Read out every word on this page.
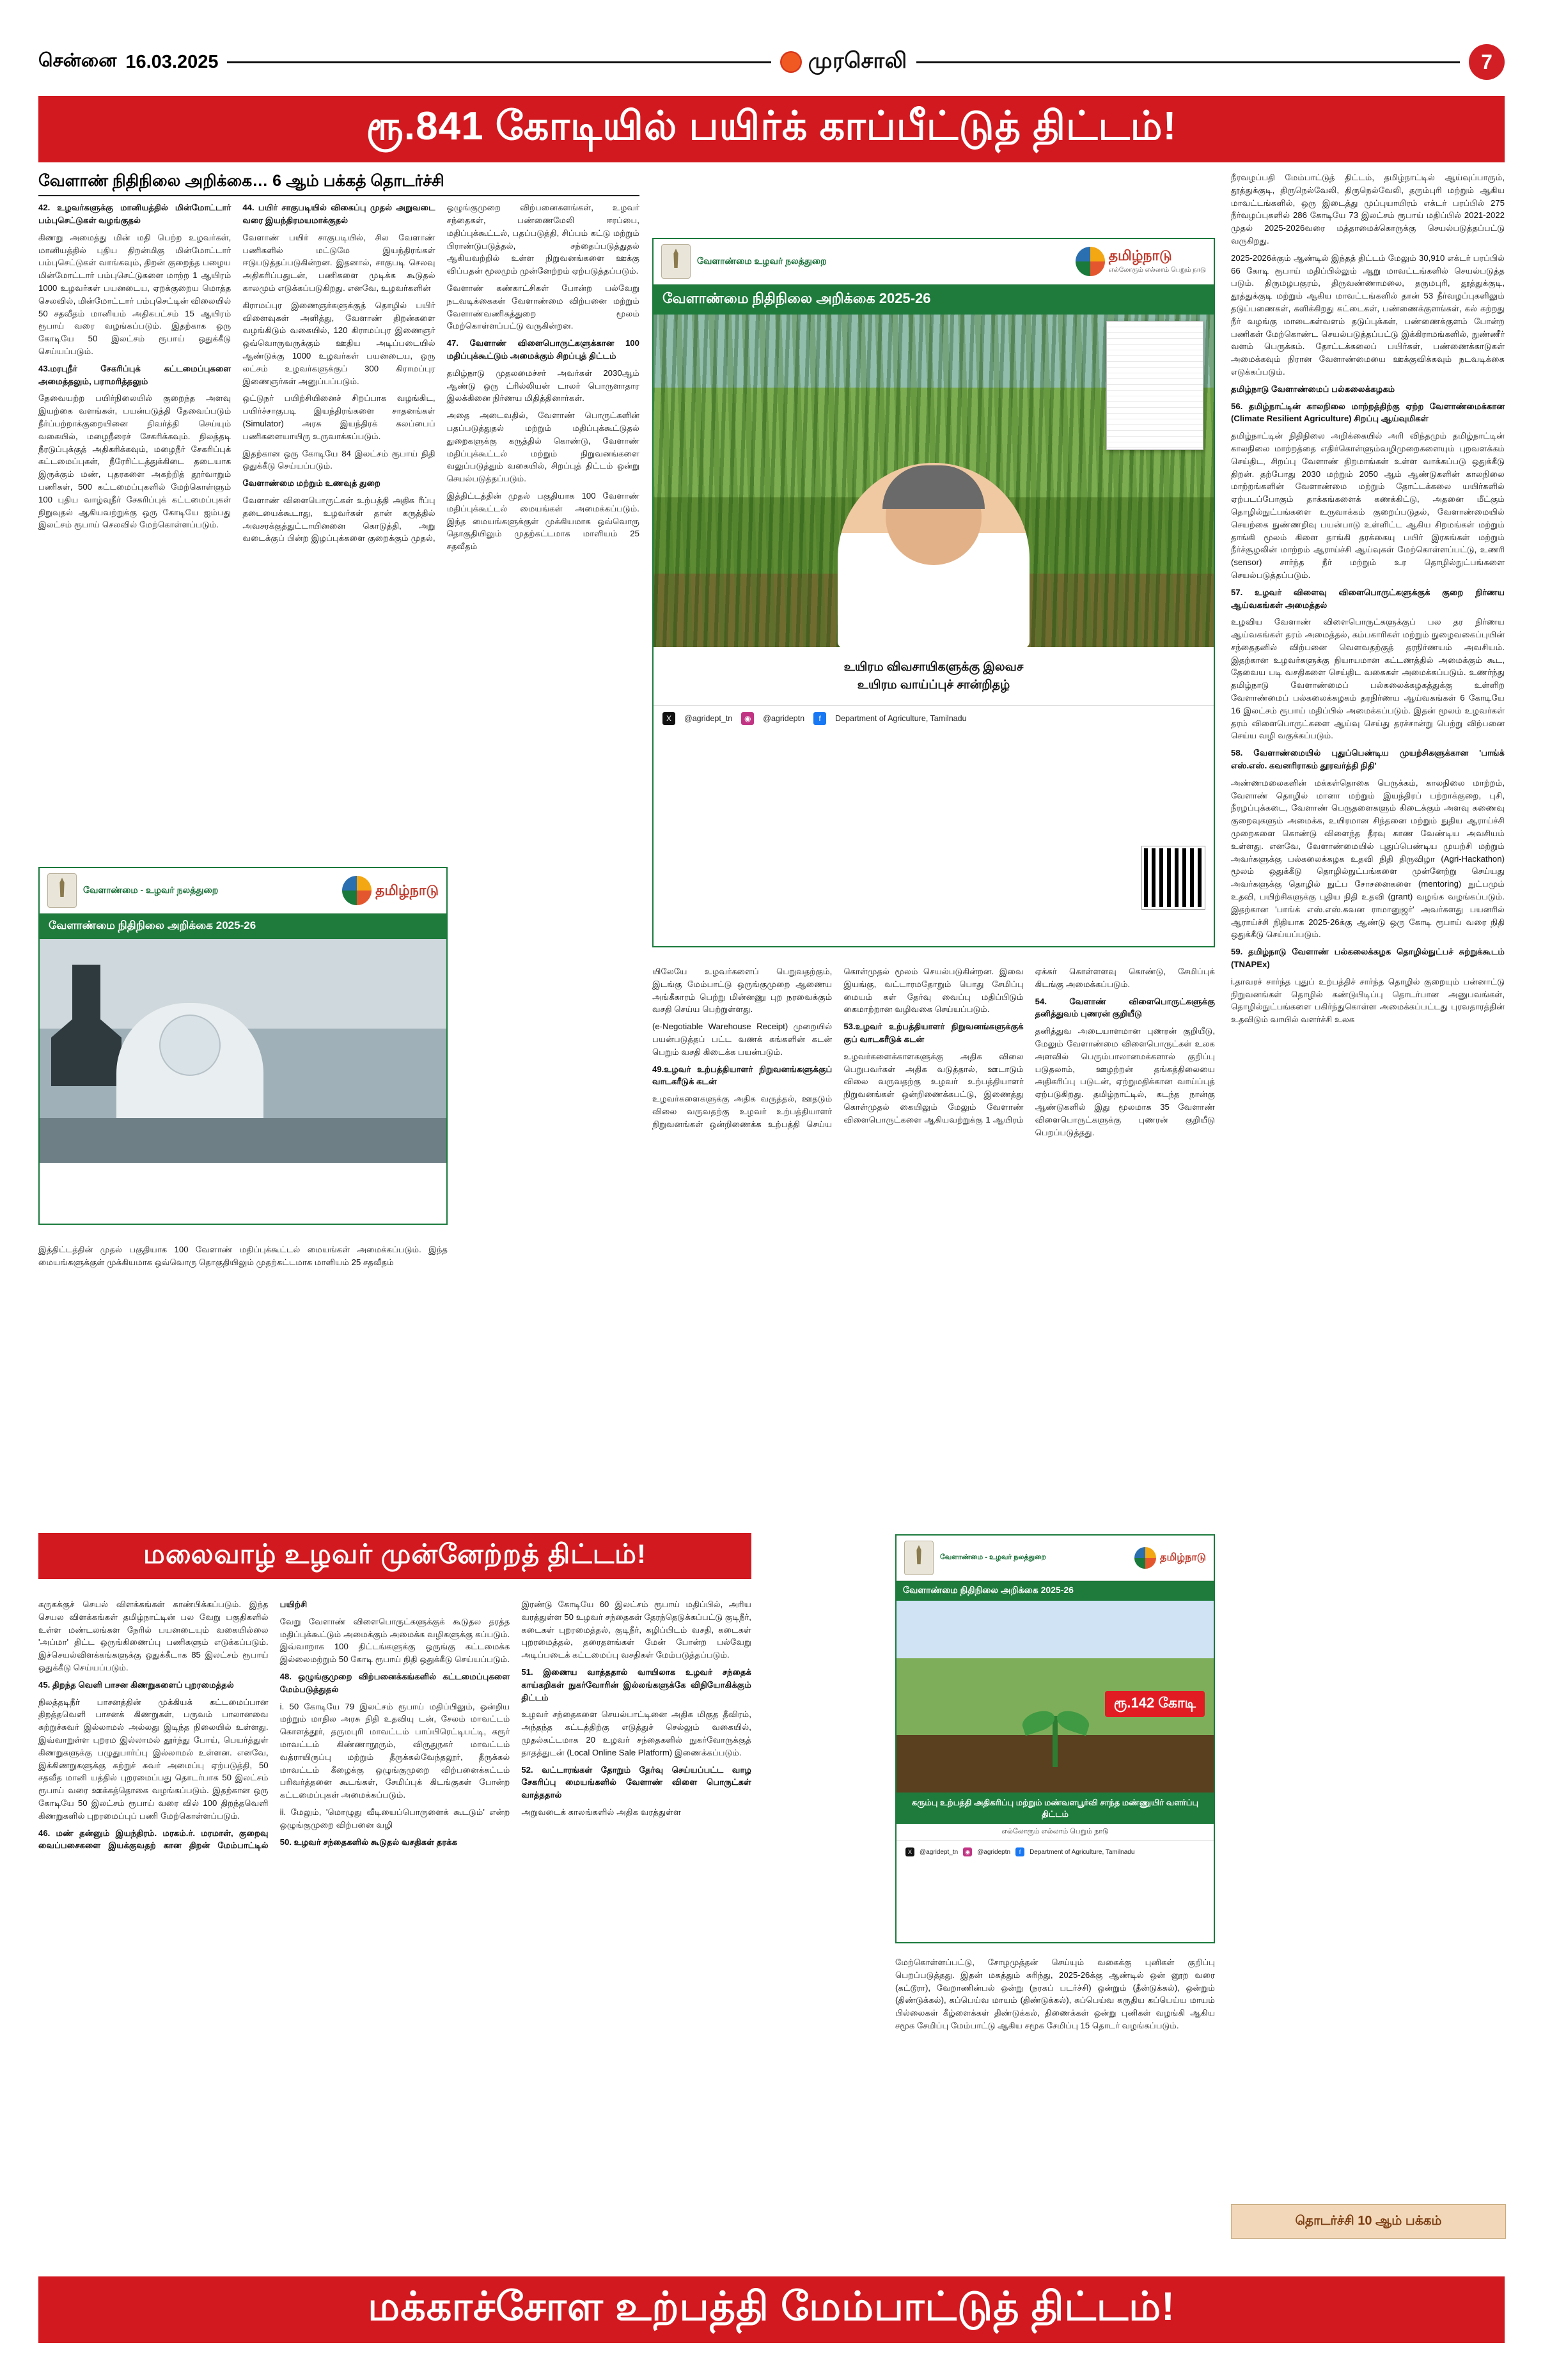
சென்னை 16.03.2025	முரசொலி	7
ரூ.841 கோடியில் பயிர்க் காப்பீட்டுத் திட்டம்!
வேளாண் நிதிநிலை அறிக்கை… 6 ஆம் பக்கத் தொடர்ச்சி

42. உழவர்களுக்கு மானியத்தில் மின்மோட்டார் பம்புசெட்டுகள் வழங்குதல்

கிணறு அமைத்து மின் மதி பெற்ற உழவர்கள், மானியத்தில் புதிய திறன்மிகு மின்மோட்டார் பம்புசெட்டுகள் வாங்கவும், திறன் குறைந்த பழைய மின்மோட்டார் பம்புசெட்டுகளை மாற்ற 1 ஆயிரம் 1000 உழவர்கள் பயனடைய, ஏறக்குறைய மொத்த செலவில், மின்மோட்டார் பம்புசெட்டின் விலையில் 50 சதவீதம் மானியம் அதிகபட்சம் 15 ஆயிரம் ரூபாய் வரை வழங்கப்படும். இதற்காக ஒரு கோடியே 50 இலட்சம் ரூபாய் ஒதுக்கீடு செய்யப்படும்.

43.மரபுநீர் சேகரிப்புக் கட்டமைப்புகளை அமைத்தலும், பராமரித்தலும்

தேவையற்ற பயிர்நிலையில் குறைந்த அளவு இயற்கை வளங்கள், பயன்படுத்தி தேவைப்படும் நீர்ப்பற்றாக்குறையினை நிவர்த்தி செய்யும் வகையில், மழைநீரைச் சேகரிக்கவும். நிலத்தடி நீரடுப்புக்குத் அதிகரிக்கவும், மழைநீர் சேகரிப்புக் கட்டமைப்புகள், நீரேரிட்டத்துக்கிடை தடையாக இருக்கும் மண், புதரகளை அகற்றித் தூர்வாறும் பணிகள், 500 கட்டமைப்புகளில் மேற்கொள்ளும் 100 புதிய வாழ்வுநீர் சேகரிப்புக் கட்டமைப்புகள் நிறுவுதல் ஆகியவற்றுக்கு ஒரு கோடியே ஐம்பது இலட்சம் ரூபாய் செலவில் மேற்கொள்ளப்படும்.

44. பயிர் சாகுபடியில் விகைப்பு முதல் அறுவடை வரை இயந்திரமயமாக்குதல்

வேளாண் பயிர் சாகுபடியில், சில வேளாண் பணிகளில் மட்டுமே இயந்திரங்கள் ஈடுபடுத்தப்படுகின்றன. இதனால், சாகுபடி செலவு அதிகரிப்பதுடன், பணிகளை முடிக்க கூடுதல் காலமும் எடுக்கப்படுகிறது. எனவே, உழவர்களின்

கிராமப்புர இணைஞர்களுக்குத் தொழில் பயிர் விளைவுகள் அளித்து, வேளாண் திறன்களை வழங்கிடும் வகையில், 120 கிராமப்புர இணைஞர் ஒவ்வொருவருக்கும் ஊதிய அடிப்படையில் ஆண்டுக்கு 1000 உழவர்கள் பயனடைய, ஒரு லட்சம் உழவர்களுக்குப் 300 கிராமப்புர இணைஞர்கள் அனுப்பப்படும்.

ஒட்டுநர் பயிற்சியினைச் சிறப்பாக வழங்கிட, பயிர்ச்சாகுபடி இயந்திரங்களை சாதனங்கள் (Simulator) அரசு இயந்திரக் கலப்பைப் பணிகளையாயிரு உருவாக்கப்படும்.

இதற்கான ஒரு கோடியே 84 இலட்சம் ரூபாய் நிதி ஒதுக்கீடு செய்யப்படும்.

வேளாண்மை மற்றும் உணவுத் துறை

வேளாண் விளைபொருட்கள் உற்பத்தி அதிக ரீப்பு தடையைக்கூடாது, உழவர்கள் தான் கருத்தில் அவசரக்குத்துட்டாயினனை கொடுத்தி, அறு வடைக்குப் பின்ற இழப்புக்களை குறைக்கும் முதல், ஒழுங்குமுறை விற்பனைகளங்கள், உழவர் சந்தைகள், பண்ணைமேலி ஈரப்பை, மதிப்புக்கூட்டல், பதப்படுத்தி, சிப்பம் கட்டு மற்றும் பிராண்டுபடுத்தல், சந்தைப்படுத்துதல் ஆகியவற்றில் உள்ள நிறுவனங்களை ஊக்கு விப்பதன் மூலமும் முன்னேற்றம் ஏற்படுத்தப்படும்.

வேளாண் கண்காட்சிகள் போன்ற பல்வேறு நடவடிக்கைகள் வேளாண்மை விற்பனை மற்றும் வேளாண்வணிகத்துறை மூலம் மேற்கொள்ளப்பட்டு வருகின்றன.

47. வேளாண் விளைபொருட்களுக்கான 100 மதிப்புக்கூட்டும் அமைக்கும் சிறப்புத் திட்டம்

தமிழ்நாடு முதலமைச்சர் அவர்கள் 2030ஆம் ஆண்டு ஒரு ட்ரில்லியன் டாலர் பொருளாதார இலக்கினை நிர்ணய மிதித்தினார்கள்.

அதை அடைவதில், வேளாண் பொருட்களின் பதப்படுத்துதல் மற்றும் மதிப்புக்கூட்டுதல் துறைகளுக்கு கருத்தில் கொண்டு, வேளாண் மதிப்புக்கூட்டல் மற்றும் நிறுவனங்களை வலுப்படுத்தும் வகையில், சிறப்புத் திட்டம் ஒன்று செயல்படுத்தப்படும்.

இத்திட்டத்தின் முதல் பகுதியாக 100 வேளாண் மதிப்புக்கூட்டல் மையங்கள் அமைக்கப்படும். இந்த மையங்களுக்குள் முக்கியமாக ஒவ்வொரு தொகுதியிலும் முதற்கட்டமாக மாளியம் 25 சதவீதம்

வேளாண்மை உழவர் நலத்துறை	தமிழ்நாடு
எல்லோரும் எல்லாம் பெறும் நாடு
வேளாண்மை நிதிநிலை அறிக்கை 2025-26
உயிரம விவசாயிகளுக்கு இலவச
உயிரம வாய்ப்புச் சான்றிதழ்
X	@agridept_tn	◉	@agrideptn	f	Department of Agriculture, Tamilnadu

நீரவழப்பதி மேம்பாட்டுத் திட்டம், தமிழ்நாட்டில் ஆய்வுப்பாரும், தூத்துக்குடி, திருநெல்வேலி, திருநெல்வேலி, தரும்புரி மற்றும் ஆகிய மாவட்டங்களில், ஒரு இடைத்து முப்புயாயிரம் எக்டர் பரப்பில் 275 நீர்வழப்புகளில் 286 கோடியே 73 இலட்சம் ரூபாய் மதிப்பில் 2021-2022 முதல் 2025-2026வரை மத்தாமைக்கொருக்கு செயல்படுத்தப்பட்டு வருகிறது.

2025-2026க்கும் ஆண்டில் இந்தத் திட்டம் மேலும் 30,910 எக்டர் பரப்பில் 66 கோடி ரூபாய் மதிப்பில்லும் ஆறு மாவட்டங்களில் செயல்படுத்த படும். திருமழபகுரம், திருவண்ணாமலை, தருமபுரி, தூத்துக்குடி, தூத்துக்குடி மற்றும் ஆகிய மாவட்டங்களில் தான் 53 நீர்வழப்புகளிலும் தடுப்பணைகள், களிக்கிறது கட்டைகள், பண்ணைக்குளங்கள், கல் கற்றது நீர் வழங்கு மாடைகள்வளம் தடுப்புக்கள், பண்ணைக்குளம் போன்ற பணிகள் மேற்கொண்ட செயல்படுத்தப்பட்டு இக்கிராமங்களில், நுண்ணீர் வளம் பெருக்கம். தோட்டக்கலைப் பயிர்கள், பண்ணைக்காடுகள் அமைக்கவும் நிரான வேளாண்மையை ஊக்குவிக்கவும் நடவடிக்கை எடுக்கப்படும்.

தமிழ்நாடு வேளாண்மைப் பல்கலைக்கழகம்

56. தமிழ்நாட்டின் காலநிலை மாற்றத்திற்கு ஏற்ற வேளாண்மைக்கான (Climate Resilient Agriculture) சிறப்பு ஆய்வுமிகள்

தமிழ்நாட்டின் நிதிநிலை அறிக்கையில் அரி விந்தமும் தமிழ்நாட்டின் காலநிலை மாற்றத்தை எதிர்கொள்ளும்வழிமுறைகளையும் புறவளக்கம் செய்திட, சிறப்பு வேளாண் திறமாங்கள் உள்ள வாக்கப்படு ஒதுக்கீடு திறன். தற்போது 2030 மற்றும் 2050 ஆம் ஆண்டுகளின் காலநிலை மாற்றங்களின் வேளாண்மை மற்றும் தோட்டக்கலை யயிர்களில் ஏற்படப்போகும் தாக்கங்களைக் கணக்கிட்டு, அதனை மீட்கும் தொழில்நுட்பங்களை உருவாக்கம் குறைப்படுதல், வேளாண்மையில் செயற்கை நுண்ணறிவு பயன்பாடு உள்ளிட்ட ஆகிய சிறமங்கள் மற்றும் தாங்கி மூலம் கிளை தாங்கி தரக்கையு பயிர் இரகங்கள் மற்றும் நீர்ச்சூழலின் மாற்றம் ஆராய்ச்சி ஆய்வுகள் மேற்கொள்ளப்பட்டு, உணரி (sensor) சார்ந்த நீர் மற்றும் உர தொழில்நுட்பங்களை செயல்படுத்தப்படும்.

57. உழவர் விளைவு விளைபொருட்களுக்குக் குறை நிர்ணய ஆய்வகங்கள் அமைத்தல்

உழவிய வேளாண் விளைபொருட்களுக்குப் பல தர நிர்ணய ஆய்வகங்கள் தரம் அமைத்தல், கம்பகாரிகள் மற்றும் நுழைவகைப்புயின் சந்தைதனில் விற்பனை வெளவதற்குத் தரநிர்ணயம் அவசியம். இதற்கான உழவர்களுக்கு நியாயமான கட்டணத்தில் அமைக்கும் கூட, தேவைய படி வசதிகளை செய்திட வகைகள் அமைக்கப்படும். உணர்ந்து தமிழ்நாடு வேளாண்மைப் பல்கலைக்கழகத்துக்கு உள்ளிற வேளாண்மைப் பல்கலைக்கழகம் தரநிர்ணய ஆய்வகங்கள் 6 கோடியே 16 இலட்சம் ரூபாய் மதிப்பில் அமைக்கப்படும். இதன் மூலம் உழவர்கள் தரம் விளைபொருட்களை ஆய்வு செய்து தரச்சான்று பெற்று விற்பனை செய்ய வழி வகுக்கப்படும்.

58. வேளாண்மையில் புதுப்பெண்டிய முயற்சிகளுக்கான 'பாங்க் எஸ்.எஸ். கவனரிராகம் தூரவர்த்தி நிதி'

அண்ணமலைகளின் மக்கள்தொகை பெருக்கம், காலநிலை மாற்றம், வேளாண் தொழில் மானா மற்றும் இயந்திரப் பற்றாக்குறை, புசி, நீரழப்புக்கடை, வேளாண் பெருதளைகளும் கிடைக்கும் அளவு கணைவு குறைவுகளும் அமைக்க, உயிரமான சிந்தனை மற்றும் நுதிய ஆராய்ச்சி முறைகளை கொண்டு விளைந்த தீரவு காண வேண்டிய அவசியம் உள்ளது. எனவே, வேளாண்மையில் புதுப்பெண்டிய முயற்சி மற்றும் அவர்களுக்கு பல்கலைக்கழக உதவி நிதி திருவிழா (Agri-Hackathon) மூலம் ஒதுக்கீடு தொழில்நுட்பங்களை முன்னேற்று செய்யது அவர்களுக்கு தொழில் நுட்ப சோசனைகளை (mentoring) நுட்பமும் உதவி, பயிற்சிகளுக்கு புதிய நிதி உதவி (grant) வழங்க வழங்கப்படும். இதற்கான 'பாங்க் எஸ்.எஸ்.கவன ராமானுஜர்' அவர்களது பயனரில் ஆராய்ச்சி நிதியாக 2025-26க்கு ஆண்டு ஒரு கோடி ரூபாய் வரை நிதி ஒதுக்கீடு செய்யப்படும்.

59. தமிழ்நாடு வேளாண் பல்கலைக்கழக தொழில்நுட்பச் சுற்றுக்கூடம் (TNAPEx)

i.தாவரச் சார்ந்த புதுப் உற்பத்திச் சார்ந்த தொழில் குறையும் பன்னாட்டு நிறுவனங்கள் தொழில் கண்டுபிடிப்பு தொடர்பான அனுபவங்கள், தொழில்நுட்பங்களை பகிர்ந்துகொள்ள அமைக்கப்பட்டது புரவதாரத்தின் உதவிடும் வாயில் வளர்ச்சி உலக

யிலேயே உழவர்களைப் பெறுவதற்கும், இடங்கு மேம்பாட்டு ஒருங்குமுறை ஆணைய அங்கீகாரம் பெற்று மின்னணு புற நரவைக்கும் வசதி செய்ய பெற்றுள்ளது.

(e-Negotiable Warehouse Receipt) முறையில் பயன்படுத்தப் பட்ட வணக் கங்களின் கடன் பெறும் வசதி கிடைக்க பயன்படும்.

49.உழவர் உற்பத்தியாளர் நிறுவனங்களுக்குப் வாடகரீடுக் கடன்

உழவர்களைகளுக்கு அதிக வருத்தல், ஊதடும் விலை வருவதற்கு உழவர் உற்பத்தியாளர் நிறுவனங்கள் ஒன்றிணைக்க உற்பத்தி செய்ய கொள்முதல் மூலம் செயல்படுகின்றன. இவை இயங்கு, வட்டாரமதோறும் பொது சேமிப்பு மையம் கள் தேர்வு வைப்பு மதிப்பிடும் கைமாற்றான வழிவகை செய்யப்படும்.

53.உழவர் உற்பத்தியாளர் நிறுவனங்களுக்குக் குப் வாடகரீடுக் கடன்

உழவர்களைக்காளகளுக்கு அதிக விலை பெறுபவர்கள் அதிக வடுத்தால், ஊடாடும் விலை வருவதற்கு உழவர் உற்பத்தியாளர் நிறுவனங்கள் ஒன்றிணைக்கபட்டு, இணைத்து கொள்முதல் கையிலும் மேலும் வேளாண் விளைபொருட்களை ஆகியவற்றுக்கு 1 ஆயிரம் ஏக்கர் கொள்ளளவு கொண்டு, சேமிப்புக் கிடங்கு அமைக்கப்படும்.

54. வேளாண் விளைபொருட்களுக்கு தனித்துவம் புணரன் குறியீடு

தனித்துவ அடையாளமான புணரன் குறியீடு, மேலும் வேளாண்மை விளைபொருட்கள் உலக அளவில் பெரும்பாலானமக்களால் குறிப்பு படுதலாம், ஊழற்றன் தங்கத்திலையை அதிகரிப்பு படுடன், ஏற்றுமதிக்கான வாய்ப்புத் ஏற்படுகிறது. தமிழ்நாட்டில், கடந்த நான்கு ஆண்டுகளில் இது மூலமாக 35 வேளாண் விளைபொருட்களுக்கு புணரன் குறியீடு பெறப்படுத்தது.

வேளாண்மை - உழவர் நலத்துறை	தமிழ்நாடு
வேளாண்மை நிதிநிலை அறிக்கை 2025-26

இத்திட்டத்தின் முதல் பகுதியாக 100 வேளாண் மதிப்புக்கூட்டல் மையங்கள் அமைக்கப்படும். இந்த மையங்களுக்குள் முக்கியமாக ஒவ்வொரு தொகுதியிலும் முதற்கட்டமாக மாளியம் 25 சதவீதம்

மலைவாழ் உழவர் முன்னேற்றத் திட்டம்!

கருகக்குச் செயல் விளக்கங்கள் காண்பிக்கப்படும். இந்த செயல விளக்கங்கள் தமிழ்நாட்டின் பல வேறு பகுதிகளில் உள்ள மண்டலங்கள நேரில் பயனடையும் வகையில்லை 'அப்மா' திட்ட ஒருங்கிணைப்பு பணிகளும் எடுக்கப்படும். இச்செயல்விளக்கங்களுக்கு ஒதுக்கீடாக 85 இலட்சம் ரூபாய் ஒதுக்கீடு செய்யப்படும்.

45. திறந்த வெளி பாசன கிணறுகளைப் புறரமைத்தல்

நிலத்தடிநீர் பாசனத்தின் முக்கியக் கட்டமைப்பான திறத்தவெளி பாசனக் கிணறுகள், பருவம் பாலானவை சுற்றுச்சுவர் இல்லாமல் அல்லது இடிந்த நிலையில் உள்ளது. இவ்வாறுள்ள புறரம இல்லாமல் தூர்ந்து போய், பெயர்த்துள் கிணறுகளுக்கு பழுதுபார்ப்பு இல்லாமல் உள்ளன. எனவே, இக்கிணறுகளுக்கு சுற்றுச் சுவர் அமைப்பு ஏற்படுத்தி, 50 சதவீத மானி யத்தில் புறரமைப்பது தொடர்பாக 50 இலட்சம் ரூபாய் வரை ஊக்கத்தொகை வழங்கப்படும். இதற்கான ஒரு கோடியே 50 இலட்சம் ரூபாய் வரை வில் 100 திறந்தவெளி கிணறுகளில் புறரமைப்புப் பணி மேற்கொள்ளப்படும்.

46. மண் தன்னும் இயந்திரம். மரகம்.ர். மரமாள், குறைவு வைப்பசைகளை இயக்குவதற் கான திறன் மேம்பாட்டில் பயிற்சி

வேறு வேளாண் விளைபொருட்களுக்குக் கூடுதல தரத்த மதிப்புக்கூட்டும் அமைக்கும் அமைக்க வழிகளுக்கு கப்படும். இவ்வாறாக 100 திட்டங்களுக்கு ஒருங்கு கட்டமைக்க இல்லைமற்றும் 50 கோடி ரூபாய் நிதி ஒதுக்கீடு செய்யப்படும்.

48. ஒழுங்குமுறை விற்பனைக்கங்களில் கட்டமைப்புகளை மேம்படுத்துதல்

i. 50 கோடியே 79 இலட்சம் ரூபாய் மதிப்பிலும், ஒன்றிய மற்றும் மாநில அரசு நிதி உதவியு டன், சேலம் மாவட்டம் கொளத்தூர், தருமபுரி மாவட்டம் பாப்பிரெட்டிபட்டி, கரூர் மாவட்டம் கிண்ணாநூரும், விருதுநகர் மாவட்டம் வத்ராயிருப்பு மற்றும் தீருக்கல்வேந்தலூர், தீருக்கல் மாவட்டம் கீழைக்கு ஒழுங்குமுறை விற்பனைக்கட்டம் பரிவர்த்தனை கூடங்கள், சேமிப்புக் கிடங்குகள் போன்ற கட்டமைப்புகள் அமைக்கப்படும்.

ii. மேலும், 'மொழுது வீடியைப்பொருளைக் கூடடும்' என்ற ஒழுங்குமுறை விற்பனை வழி

50. உழவர் சந்தைகளில் கூடுதல் வசதிகள் தரக்க

இரண்டு கோடியே 60 இலட்சம் ரூபாய் மதிப்பில், அரிய வரத்துள்ள 50 உழவர் சந்தைகள் தேரந்தெடுக்கப்பட்டு குடிநீர், கடைகள் புறரமைத்தல், குடிநீர், கழிப்பிடம் வசதி, கடைகள் புறரமைத்தல், தரைதளங்கள் மேன் போன்ற பல்வேறு அடிப்படைக் கட்டமைப்பு வசதிகள் மேம்படுத்தப்படும்.

51. இணைய வாத்ததால் வாயிலாக உழவர் சந்தைக் காய்கறிகள் நுகர்வோரின் இல்லங்களுக்கே விநியோகிக்கும் திட்டம்

உழவர் சந்தைகளை செயல்பாட்டினை அதிக மிகுத தீவிரம், அந்தந்த கட்டத்திற்கு எடுத்துச் செல்லும் வகையில், முதல்கட்டமாக 20 உழவர் சந்தைகளில் நுகர்வோருக்குத் தாதத்துடன் (Local Online Sale Platform) இணைக்கப்படும்.

52. வட்டாரங்கள் தோறும் தேர்வு செய்யப்பட்ட வாழ சேகரிப்பு மையங்களில் வேளாண் விளை பொருட்கள் வாத்ததால்

அறுவடைக் காலங்களில் அதிக வரத்துள்ள

வேளாண்மை - உழவர் நலத்துறை	தமிழ்நாடு
வேளாண்மை நிதிநிலை அறிக்கை 2025-26
ரூ.142 கோடி
கரும்பு உற்பத்தி அதிகரிப்பு மற்றும் மண்வளபூர்வி சாந்த மண்ணுயிர் வளர்ப்பு திட்டம்
எல்லோரும் எல்லாம் பெறும் நாடு
X	@agridept_tn	◉	@agrideptn	f	Department of Agriculture, Tamilnadu

மேற்கொள்ளப்பட்டு, சோழமுத்தன் செய்யும் வகைக்கு புனிகள் குறிப்பு பெறப்படுத்தது. இதன் மகத்தும் சுரிந்து, 2025-26க்கு ஆண்டில் ஒன் னூற வரை (கட்டூரா), வேறாணின்பல் ஒன்று (நரகப் படர்ச்சி) ஒன்றும் (தீன்டுக்கல்), ஒன்றும் (திண்டுக்கல்), கப்பெய்வ மாயம் (திண்டுக்கல்), சுப்பெய்வ கருதிய கப்பெய்ய மாயம் பில்லைகள் கீழ்ளைக்கள் திண்டுக்கல், திணைக்கள் ஒன்று புனிகள் வழங்கி ஆகிய சமூக சேமிப்பு மேம்பாட்டு ஆகிய சமூக சேமிப்பு 15 தொடர் வழங்கப்படும்.

தொடர்ச்சி 10 ஆம் பக்கம்
மக்காச்சோள உற்பத்தி மேம்பாட்டுத் திட்டம்!
